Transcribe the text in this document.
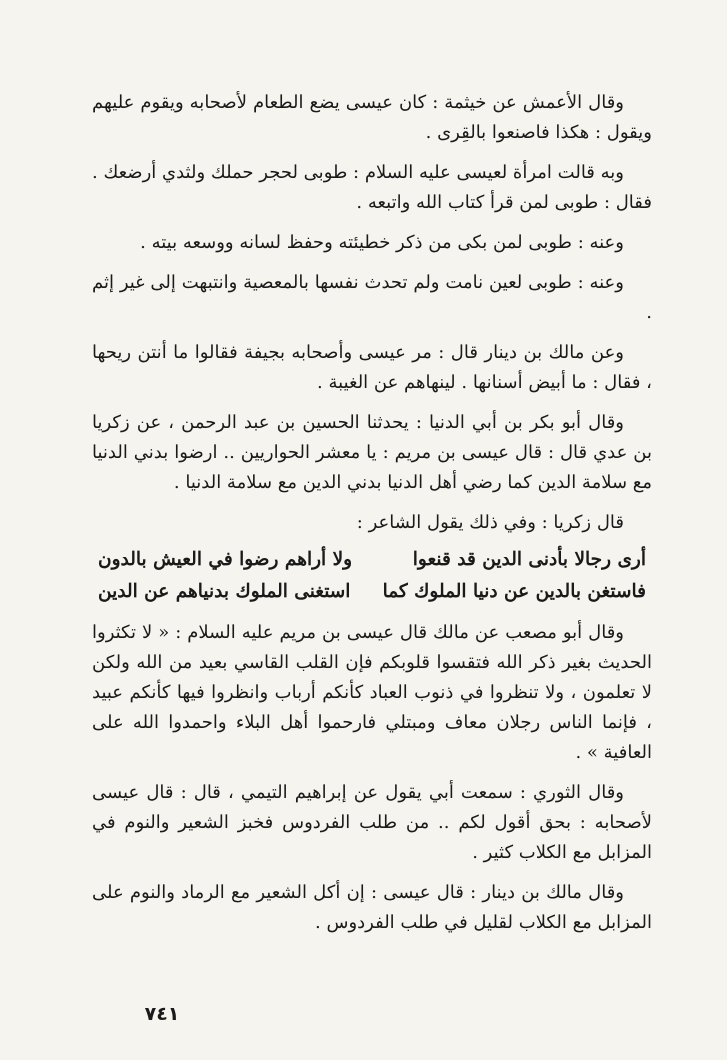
وقال الأعمش عن خيثمة : كان عيسى يضع الطعام لأصحابه ويقوم عليهم ويقول : هكذا فاصنعوا بالقِرى .

وبه قالت امرأة لعيسى عليه السلام : طوبى لحجر حملك ولثدي أرضعك . فقال : طوبى لمن قرأ كتاب الله واتبعه .

وعنه : طوبى لمن بكى من ذكر خطيئته وحفظ لسانه ووسعه بيته .

وعنه : طوبى لعين نامت ولم تحدث نفسها بالمعصية وانتبهت إلى غير إثم .

وعن مالك بن دينار قال : مر عيسى وأصحابه بجيفة فقالوا ما أنتن ريحها ، فقال : ما أبيض أسنانها . لينهاهم عن الغيبة .

وقال أبو بكر بن أبي الدنيا : يحدثنا الحسين بن عبد الرحمن ، عن زكريا بن عدي قال : قال عيسى بن مريم : يا معشر الحواريين .. ارضوا بدني الدنيا مع سلامة الدين كما رضي أهل الدنيا بدني الدين مع سلامة الدنيا .

قال زكريا : وفي ذلك يقول الشاعر :

أرى رجالا بأدنى الدين قد قنعوا
ولا أراهم رضوا في العيش بالدون
فاستغن بالدين عن دنيا الملوك كما
استغنى الملوك بدنياهم عن الدين

وقال أبو مصعب عن مالك قال عيسى بن مريم عليه السلام : « لا تكثروا الحديث بغير ذكر الله فتقسوا قلوبكم فإن القلب القاسي بعيد من الله ولكن لا تعلمون ، ولا تنظروا في ذنوب العباد كأنكم أرباب وانظروا فيها كأنكم عبيد ، فإنما الناس رجلان معاف ومبتلي فارحموا أهل البلاء واحمدوا الله على العافية » .

وقال الثوري : سمعت أبي يقول عن إبراهيم التيمي ، قال : قال عيسى لأصحابه : بحق أقول لكم .. من طلب الفردوس فخبز الشعير والنوم في المزابل مع الكلاب كثير .

وقال مالك بن دينار : قال عيسى : إن أكل الشعير مع الرماد والنوم على المزابل مع الكلاب لقليل في طلب الفردوس .

٧٤١
